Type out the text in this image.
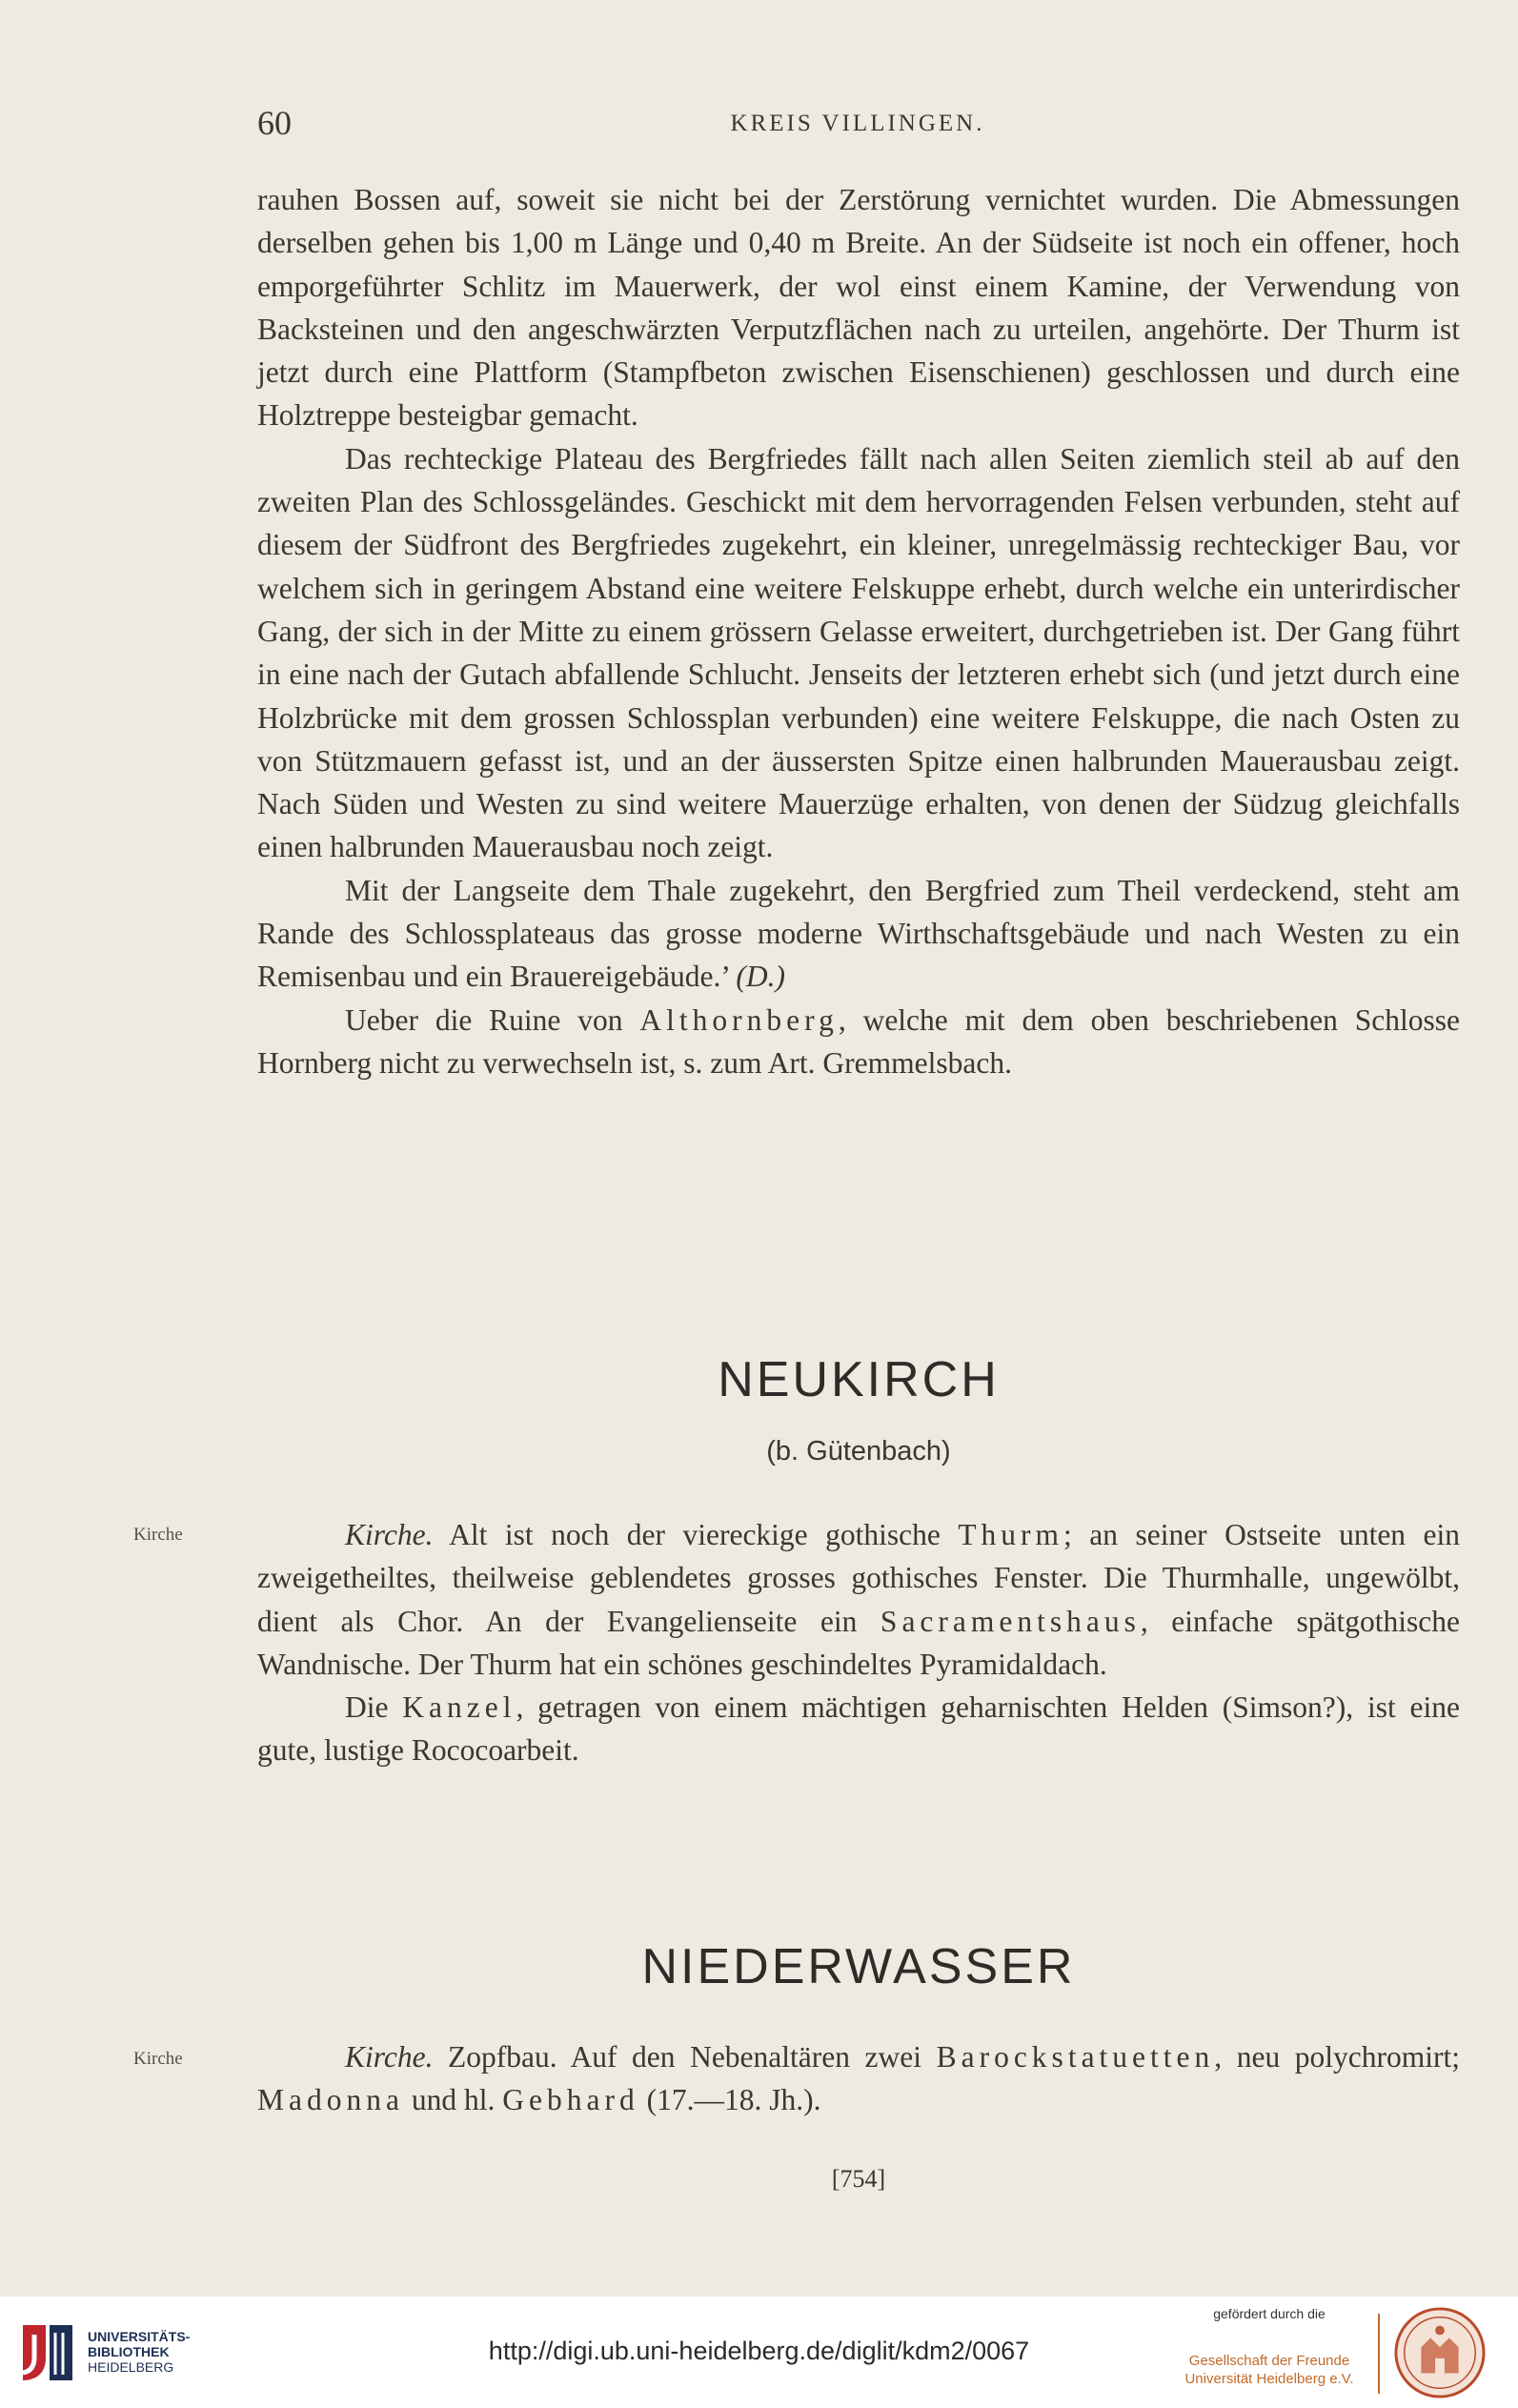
60	KREIS VILLINGEN.

rauhen Bossen auf, soweit sie nicht bei der Zerstörung vernichtet wurden. Die Abmessungen derselben gehen bis 1,00 m Länge und 0,40 m Breite. An der Südseite ist noch ein offener, hoch emporgeführter Schlitz im Mauerwerk, der wol einst einem Kamine, der Verwendung von Backsteinen und den angeschwärzten Verputzflächen nach zu urteilen, angehörte. Der Thurm ist jetzt durch eine Plattform (Stampfbeton zwischen Eisenschienen) geschlossen und durch eine Holztreppe besteigbar gemacht.

Das rechteckige Plateau des Bergfriedes fällt nach allen Seiten ziemlich steil ab auf den zweiten Plan des Schlossgeländes. Geschickt mit dem hervorragenden Felsen verbunden, steht auf diesem der Südfront des Bergfriedes zugekehrt, ein kleiner, unregelmässig rechteckiger Bau, vor welchem sich in geringem Abstand eine weitere Felskuppe erhebt, durch welche ein unterirdischer Gang, der sich in der Mitte zu einem grössern Gelasse erweitert, durchgetrieben ist. Der Gang führt in eine nach der Gutach abfallende Schlucht. Jenseits der letzteren erhebt sich (und jetzt durch eine Holzbrücke mit dem grossen Schlossplan verbunden) eine weitere Felskuppe, die nach Osten zu von Stützmauern gefasst ist, und an der äussersten Spitze einen halbrunden Mauerausbau zeigt. Nach Süden und Westen zu sind weitere Mauerzüge erhalten, von denen der Südzug gleichfalls einen halbrunden Mauerausbau noch zeigt.

Mit der Langseite dem Thale zugekehrt, den Bergfried zum Theil verdeckend, steht am Rande des Schlossplateaus das grosse moderne Wirthschaftsgebäude und nach Westen zu ein Remisenbau und ein Brauereigebäude.’ (D.)

Ueber die Ruine von Althornberg, welche mit dem oben beschriebenen Schlosse Hornberg nicht zu verwechseln ist, s. zum Art. Gremmelsbach.

NEUKIRCH
(b. Gütenbach)
Kirche	Kirche. Alt ist noch der viereckige gothische Thurm; an seiner Ostseite unten ein zweigetheiltes, theilweise geblendetes grosses gothisches Fenster. Die Thurmhalle, ungewölbt, dient als Chor. An der Evangelienseite ein Sacramentshaus, einfache spätgothische Wandnische. Der Thurm hat ein schönes geschindeltes Pyramidaldach.

Die Kanzel, getragen von einem mächtigen geharnischten Helden (Simson?), ist eine gute, lustige Rococoarbeit.

NIEDERWASSER
Kirche	Kirche. Zopfbau. Auf den Nebenaltären zwei Barockstatuetten, neu polychromirt; Madonna und hl. Gebhard (17.—18. Jh.).

[754]
UNIVERSITÄTS-
BIBLIOTHEK
HEIDELBERG
http://digi.ub.uni-heidelberg.de/diglit/kdm2/0067
gefördert durch die
Gesellschaft der Freunde
Universität Heidelberg e.V.
